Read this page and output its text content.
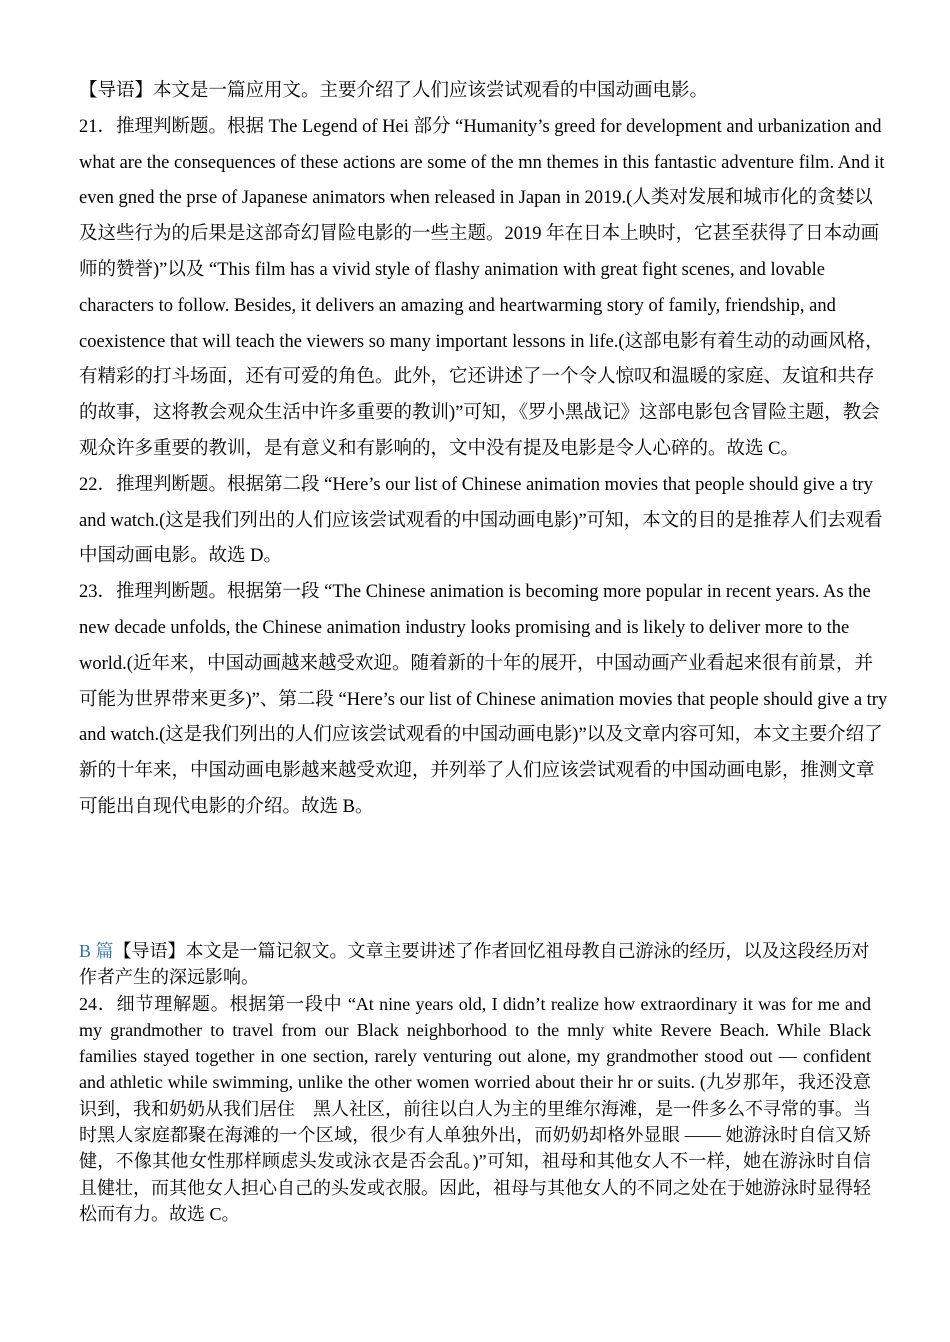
【导语】本文是一篇应用文。主要介绍了人们应该尝试观看的中国动画电影。

21．推理判断题。根据 The Legend of Hei 部分 “Humanity’s greed for development and urbanization and what are the consequences of these actions are some of the mn themes in this fantastic adventure film. And it even gned the prse of Japanese animators when released in Japan in 2019.(人类对发展和城市化的贪婪以及这些行为的后果是这部奇幻冒险电影的一些主题。2019 年在日本上映时，它甚至获得了日本动画师的赞誉)”以及 “This film has a vivid style of flashy animation with great fight scenes, and lovable characters to follow. Besides, it delivers an amazing and heartwarming story of family, friendship, and coexistence that will teach the viewers so many important lessons in life.(这部电影有着生动的动画风格，有精彩的打斗场面，还有可爱的角色。此外，它还讲述了一个令人惊叹和温暖的家庭、友谊和共存的故事，这将教会观众生活中许多重要的教训)”可知，《罗小黑战记》这部电影包含冒险主题，教会观众许多重要的教训，是有意义和有影响的，文中没有提及电影是令人心碎的。故选 C。

22．推理判断题。根据第二段 “Here’s our list of Chinese animation movies that people should give a try and watch.(这是我们列出的人们应该尝试观看的中国动画电影)”可知，本文的目的是推荐人们去观看中国动画电影。故选 D。

23．推理判断题。根据第一段 “The Chinese animation is becoming more popular in recent years. As the new decade unfolds, the Chinese animation industry looks promising and is likely to deliver more to the world.(近年来，中国动画越来越受欢迎。随着新的十年的展开，中国动画产业看起来很有前景，并可能为世界带来更多)”、第二段 “Here’s our list of Chinese animation movies that people should give a try and watch.(这是我们列出的人们应该尝试观看的中国动画电影)”以及文章内容可知，本文主要介绍了新的十年来，中国动画电影越来越受欢迎，并列举了人们应该尝试观看的中国动画电影，推测文章可能出自现代电影的介绍。故选 B。

B 篇【导语】本文是一篇记叙文。文章主要讲述了作者回忆祖母教自己游泳的经历，以及这段经历对作者产生的深远影响。

24．细节理解题。根据第一段中 “At nine years old, I didn’t realize how extraordinary it was for me and my grandmother to travel from our Black neighborhood to the mnly white Revere Beach. While Black families stayed together in one section, rarely venturing out alone, my grandmother stood out — confident and athletic while swimming, unlike the other women worried about their hr or suits. (九岁那年，我还没意识到，我和奶奶从我们居住　黑人社区，前往以白人为主的里维尔海滩，是一件多么不寻常的事。当时黑人家庭都聚在海滩的一个区域，很少有人单独外出，而奶奶却格外显眼 —— 她游泳时自信又矫健，不像其他女性那样顾虑头发或泳衣是否会乱。)”可知，祖母和其他女人不一样，她在游泳时自信且健壮，而其他女人担心自己的头发或衣服。因此，祖母与其他女人的不同之处在于她游泳时显得轻松而有力。故选 C。
